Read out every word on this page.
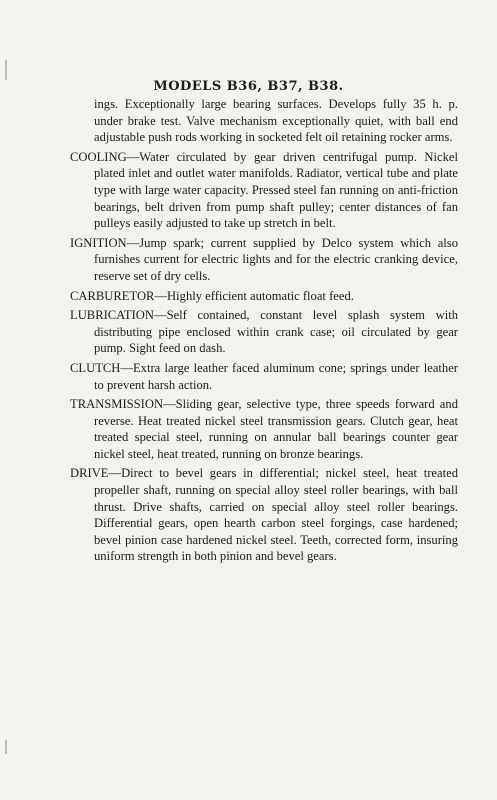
MODELS B36, B37, B38.

ings. Exceptionally large bearing surfaces. Develops fully 35 h. p. under brake test. Valve mechanism exceptionally quiet, with ball end adjustable push rods working in socketed felt oil retaining rocker arms.

COOLING—Water circulated by gear driven centrifugal pump. Nickel plated inlet and outlet water manifolds. Radiator, vertical tube and plate type with large water capacity. Pressed steel fan running on anti-friction bearings, belt driven from pump shaft pulley; center distances of fan pulleys easily adjusted to take up stretch in belt.

IGNITION—Jump spark; current supplied by Delco system which also furnishes current for electric lights and for the electric cranking device, reserve set of dry cells.

CARBURETOR—Highly efficient automatic float feed.

LUBRICATION—Self contained, constant level splash system with distributing pipe enclosed within crank case; oil circulated by gear pump. Sight feed on dash.

CLUTCH—Extra large leather faced aluminum cone; springs under leather to prevent harsh action.

TRANSMISSION—Sliding gear, selective type, three speeds forward and reverse. Heat treated nickel steel transmission gears. Clutch gear, heat treated special steel, running on annular ball bearings counter gear nickel steel, heat treated, running on bronze bearings.

DRIVE—Direct to bevel gears in differential; nickel steel, heat treated propeller shaft, running on special alloy steel roller bearings, with ball thrust. Drive shafts, carried on special alloy steel roller bearings. Differential gears, open hearth carbon steel forgings, case hardened; bevel pinion case hardened nickel steel. Teeth, corrected form, insuring uniform strength in both pinion and bevel gears.
